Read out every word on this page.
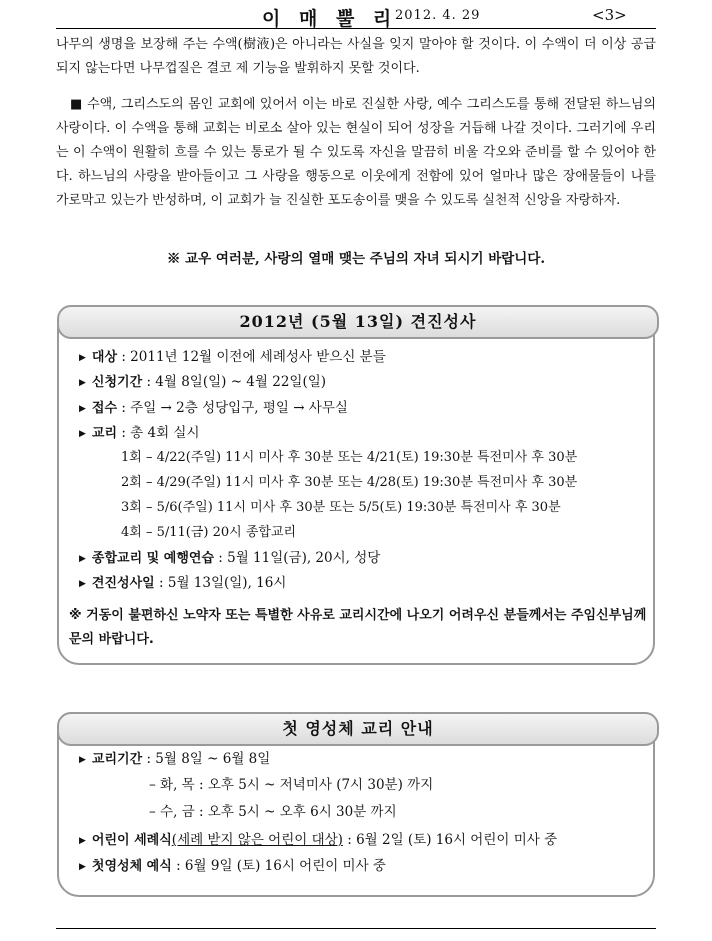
이 매 뿔 리
2012. 4. 29	<3>
나무의 생명을 보장해 주는 수액(樹液)은 아니라는 사실을 잊지 말아야 할 것이다. 이 수액이 더 이상 공급되지 않는다면 나무껍질은 결코 제 기능을 발휘하지 못할 것이다.
■ 수액, 그리스도의 몸인 교회에 있어서 이는 바로 진실한 사랑, 예수 그리스도를 통해 전달된 하느님의 사랑이다. 이 수액을 통해 교회는 비로소 살아 있는 현실이 되어 성장을 거듭해 나갈 것이다. 그러기에 우리는 이 수액이 원활히 흐를 수 있는 통로가 될 수 있도록 자신을 말끔히 비울 각오와 준비를 할 수 있어야 한다. 하느님의 사랑을 받아들이고 그 사랑을 행동으로 이웃에게 전함에 있어 얼마나 많은 장애물들이 나를 가로막고 있는가 반성하며, 이 교회가 늘 진실한 포도송이를 맺을 수 있도록 실천적 신앙을 자랑하자.
※ 교우 여러분, 사랑의 열매 맺는 주님의 자녀 되시기 바랍니다.
2012년 (5월 13일) 견진성사
▶ 대상 : 2011년 12월 이전에 세례성사 받으신 분들
▶ 신청기간 : 4월 8일(일) ~ 4월 22일(일)
▶ 접수 : 주일 → 2층 성당입구, 평일 → 사무실
▶ 교리 : 총 4회 실시
1회 – 4/22(주일) 11시 미사 후 30분 또는 4/21(토) 19:30분 특전미사 후 30분
2회 – 4/29(주일) 11시 미사 후 30분 또는 4/28(토) 19:30분 특전미사 후 30분
3회 – 5/6(주일) 11시 미사 후 30분 또는 5/5(토) 19:30분 특전미사 후 30분
4회 – 5/11(금) 20시 종합교리
▶ 종합교리 및 예행연습 : 5월 11일(금), 20시, 성당
▶ 견진성사일 : 5월 13일(일), 16시
※ 거동이 불편하신 노약자 또는 특별한 사유로 교리시간에 나오기 어려우신 분들께서는 주임신부님께 문의 바랍니다.
첫 영성체 교리 안내
▶ 교리기간 : 5월 8일 ~ 6월 8일
– 화, 목 : 오후 5시 ~ 저녁미사 (7시 30분) 까지
– 수, 금 : 오후 5시 ~ 오후 6시 30분 까지
▶ 어린이 세례식(세례 받지 않은 어린이 대상) : 6월 2일 (토) 16시 어린이 미사 중
▶ 첫영성체 예식 : 6월 9일 (토) 16시 어린이 미사 중
